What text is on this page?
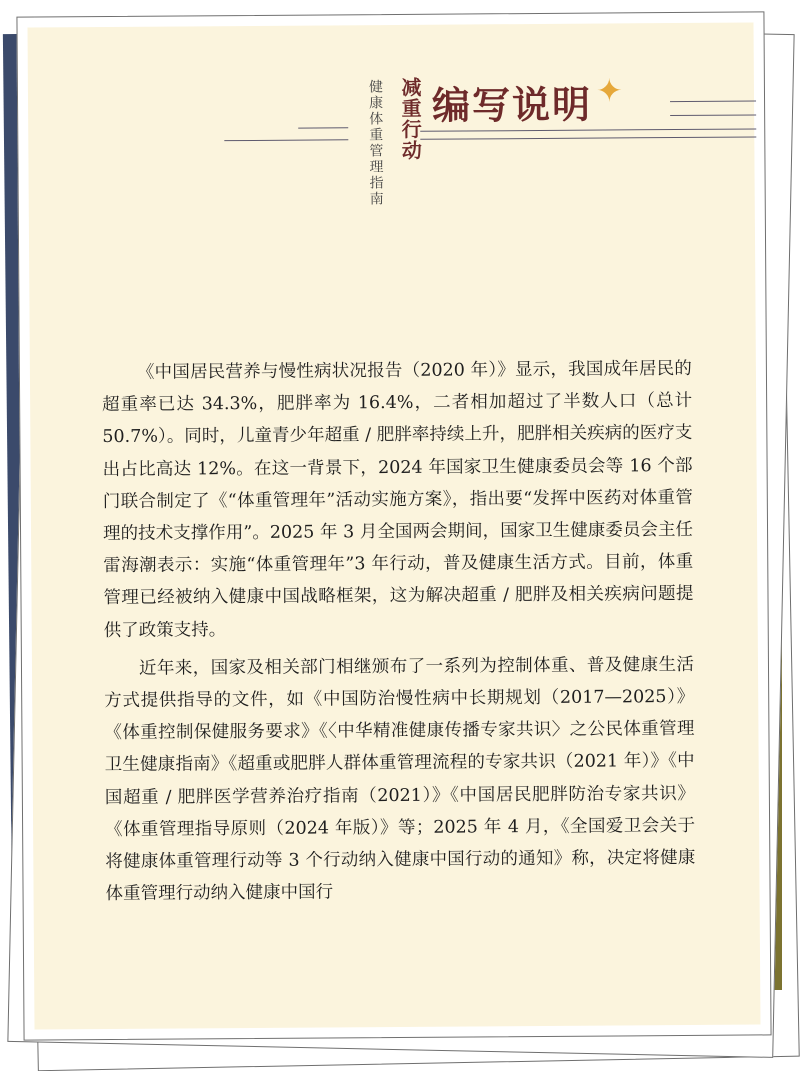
减重行动
健康体重管理指南 编写说明 ✦

《中国居民营养与慢性病状况报告（2020 年）》显示，我国成年居民的超重率已达 34.3%，肥胖率为 16.4%，二者相加超过了半数人口（总计 50.7%）。同时，儿童青少年超重 / 肥胖率持续上升，肥胖相关疾病的医疗支出占比高达 12%。在这一背景下，2024 年国家卫生健康委员会等 16 个部门联合制定了《“体重管理年”活动实施方案》，指出要“发挥中医药对体重管理的技术支撑作用”。2025 年 3 月全国两会期间，国家卫生健康委员会主任雷海潮表示：实施“体重管理年”3 年行动，普及健康生活方式。目前，体重管理已经被纳入健康中国战略框架，这为解决超重 / 肥胖及相关疾病问题提供了政策支持。

近年来，国家及相关部门相继颁布了一系列为控制体重、普及健康生活方式提供指导的文件，如《中国防治慢性病中长期规划（2017—2025）》《体重控制保健服务要求》《〈中华精准健康传播专家共识〉之公民体重管理卫生健康指南》《超重或肥胖人群体重管理流程的专家共识（2021 年）》《中国超重 / 肥胖医学营养治疗指南（2021）》《中国居民肥胖防治专家共识》《体重管理指导原则（2024 年版）》等；2025 年 4 月，《全国爱卫会关于将健康体重管理行动等 3 个行动纳入健康中国行动的通知》称，决定将健康体重管理行动纳入健康中国行
